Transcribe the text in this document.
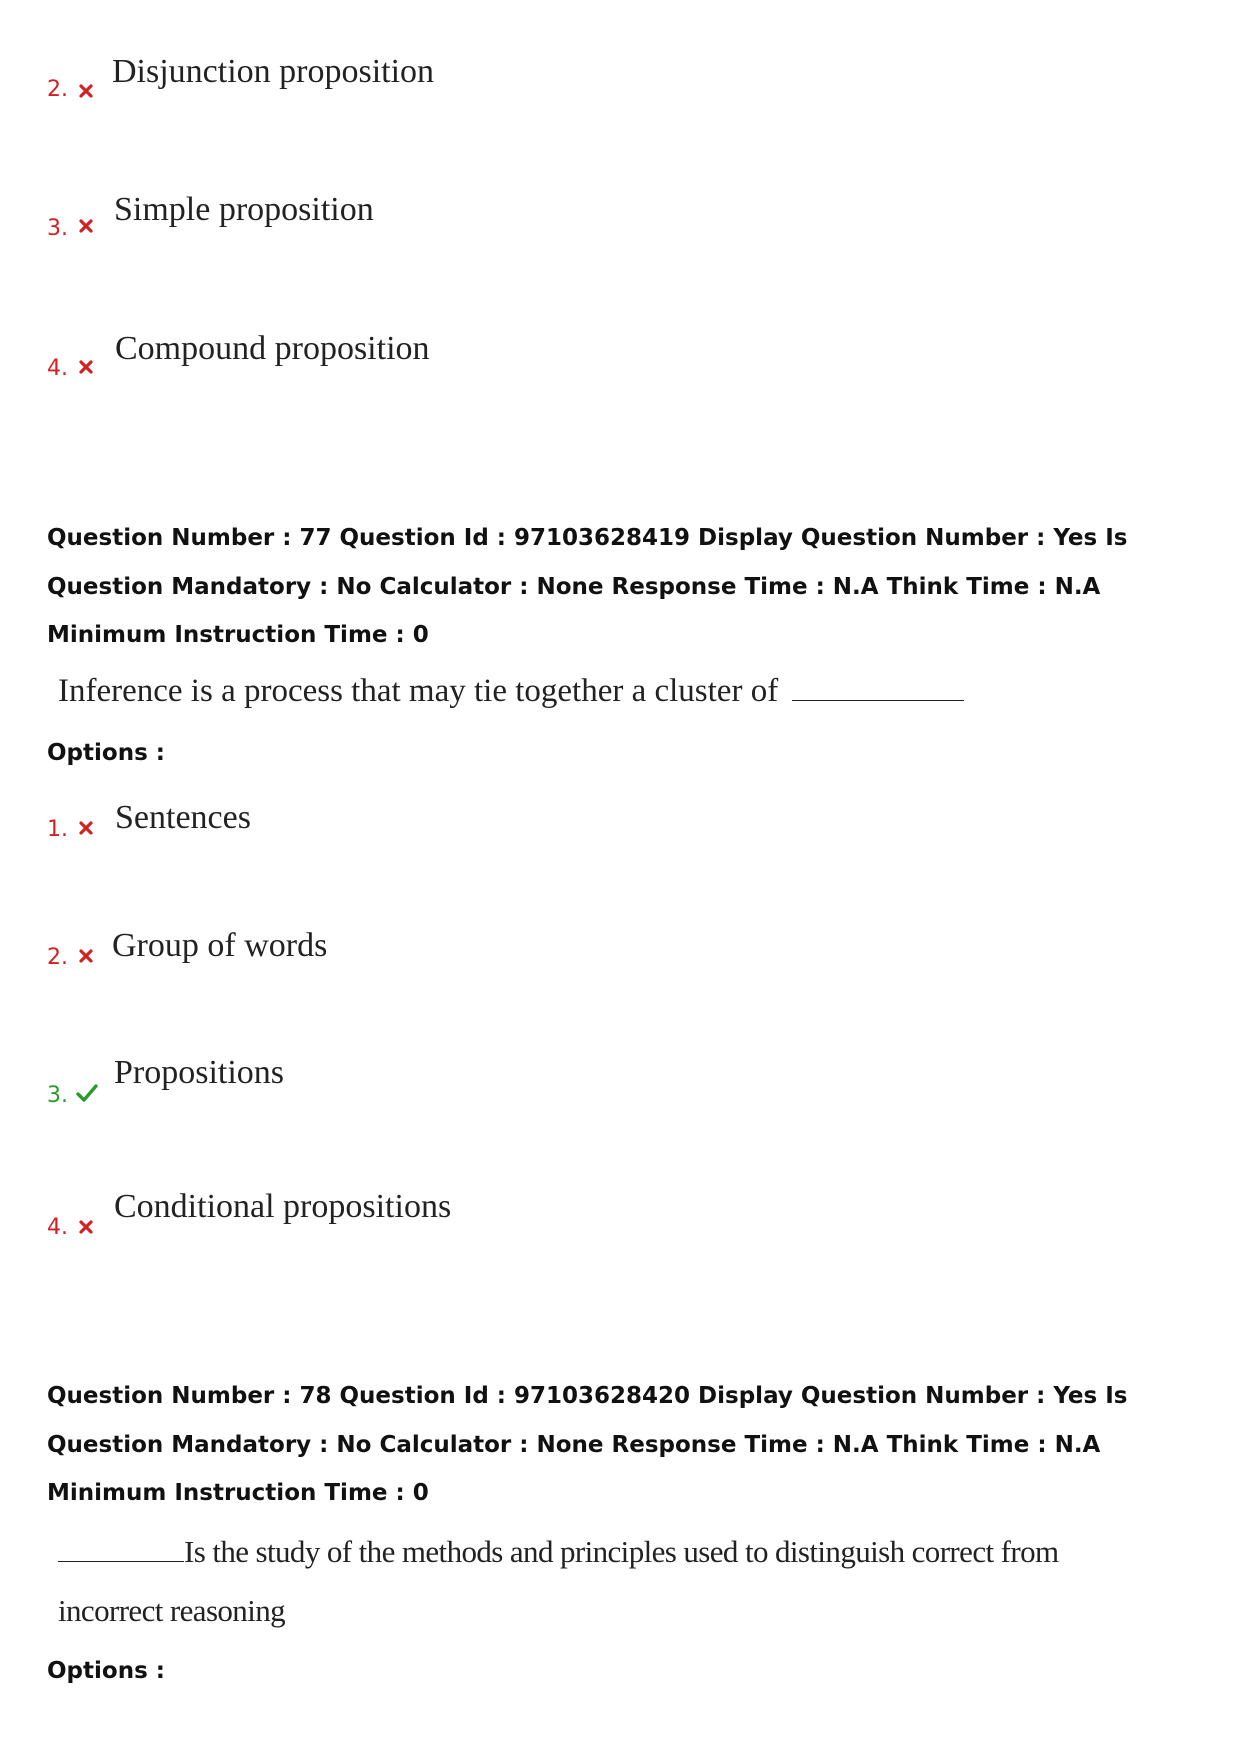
2. Disjunction proposition
3.
Simple proposition
4.
Compound proposition
Question Number : 77 Question Id : 97103628419 Display Question Number : Yes Is Question Mandatory : No Calculator : None Response Time : N.A Think Time : N.A Minimum Instruction Time : 0
Inference is a process that may tie together a cluster of
Options :
1. Sentences
2. Group of words
3.
Propositions
4.
Conditional propositions
Question Number : 78 Question Id : 97103628420 Display Question Number : Yes Is Question Mandatory : No Calculator : None Response Time : N.A Think Time : N.A Minimum Instruction Time : 0
Is the study of the methods and principles used to distinguish correct from
incorrect reasoning
Options :
